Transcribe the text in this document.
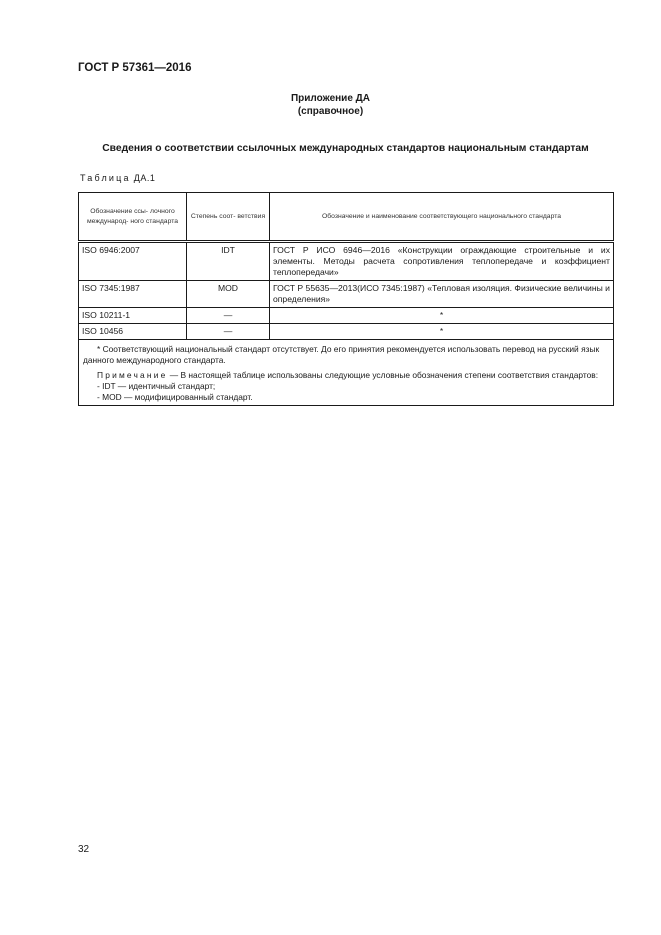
ГОСТ Р 57361—2016
Приложение ДА
(справочное)
Сведения о соответствии ссылочных международных стандартов национальным стандартам
Таблица ДА.1
Обозначение ссы- лочного международ- ного стандарта	Степень соот- ветствия	Обозначение и наименование соответствующего национального стандарта
ISO 6946:2007	IDT	ГОСТ Р ИСО 6946—2016 «Конструкции ограждающие строительные и их элементы. Методы расчета сопротивления теплопередаче и коэффициент теплопередачи»
ISO 7345:1987	MOD	ГОСТ Р 55635—2013(ИСО 7345:1987) «Тепловая изоляция. Физические величины и определения»
ISO 10211-1	—	*
ISO 10456	—	*

* Соответствующий национальный стандарт отсутствует. До его принятия рекомендуется использовать перевод на русский язык данного международного стандарта.

Примечание — В настоящей таблице использованы следующие условные обозначения степени соответствия стандартов:

- IDT — идентичный стандарт;

- MOD — модифицированный стандарт.		

32
